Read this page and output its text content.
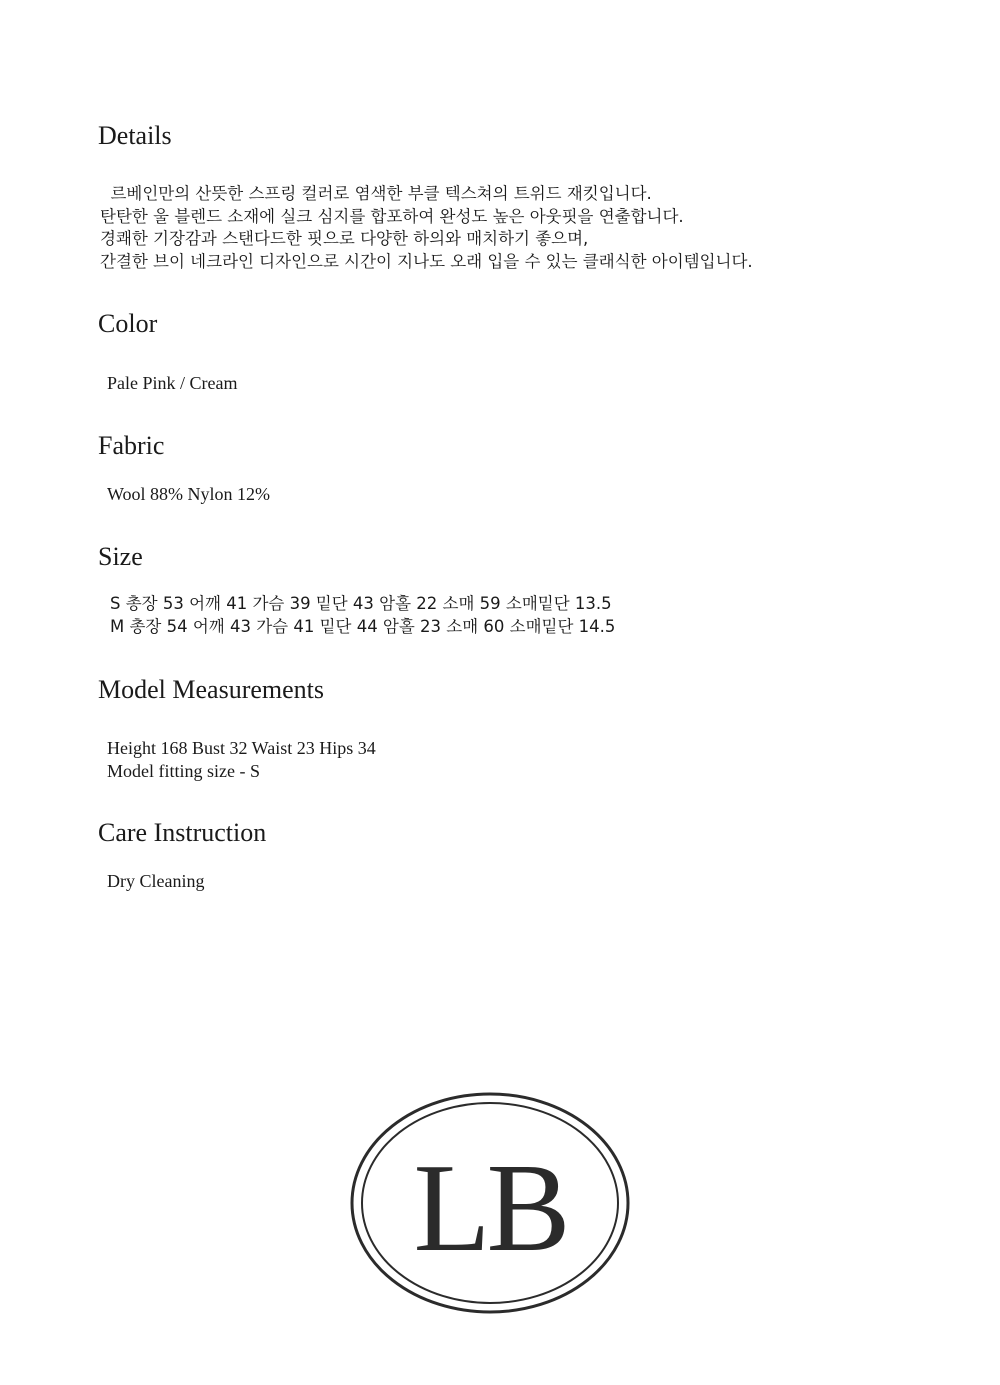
Details
르베인만의 산뜻한 스프링 컬러로 염색한 부클 텍스쳐의 트위드 재킷입니다.
탄탄한 울 블렌드 소재에 실크 심지를 합포하여 완성도 높은 아웃핏을 연출합니다.
경쾌한 기장감과 스탠다드한 핏으로 다양한 하의와 매치하기 좋으며,
간결한 브이 네크라인 디자인으로 시간이 지나도 오래 입을 수 있는 클래식한 아이템입니다.
Color

Pale Pink / Cream

Fabric

Wool 88% Nylon 12%

Size
S 총장 53 어깨 41 가슴 39 밑단 43 암홀 22 소매 59 소매밑단 13.5
M 총장 54 어깨 43 가슴 41 밑단 44 암홀 23 소매 60 소매밑단 14.5
Model Measurements
Height 168 Bust 32 Waist 23 Hips 34
Model fitting size - S
Care Instruction

Dry Cleaning

LB
